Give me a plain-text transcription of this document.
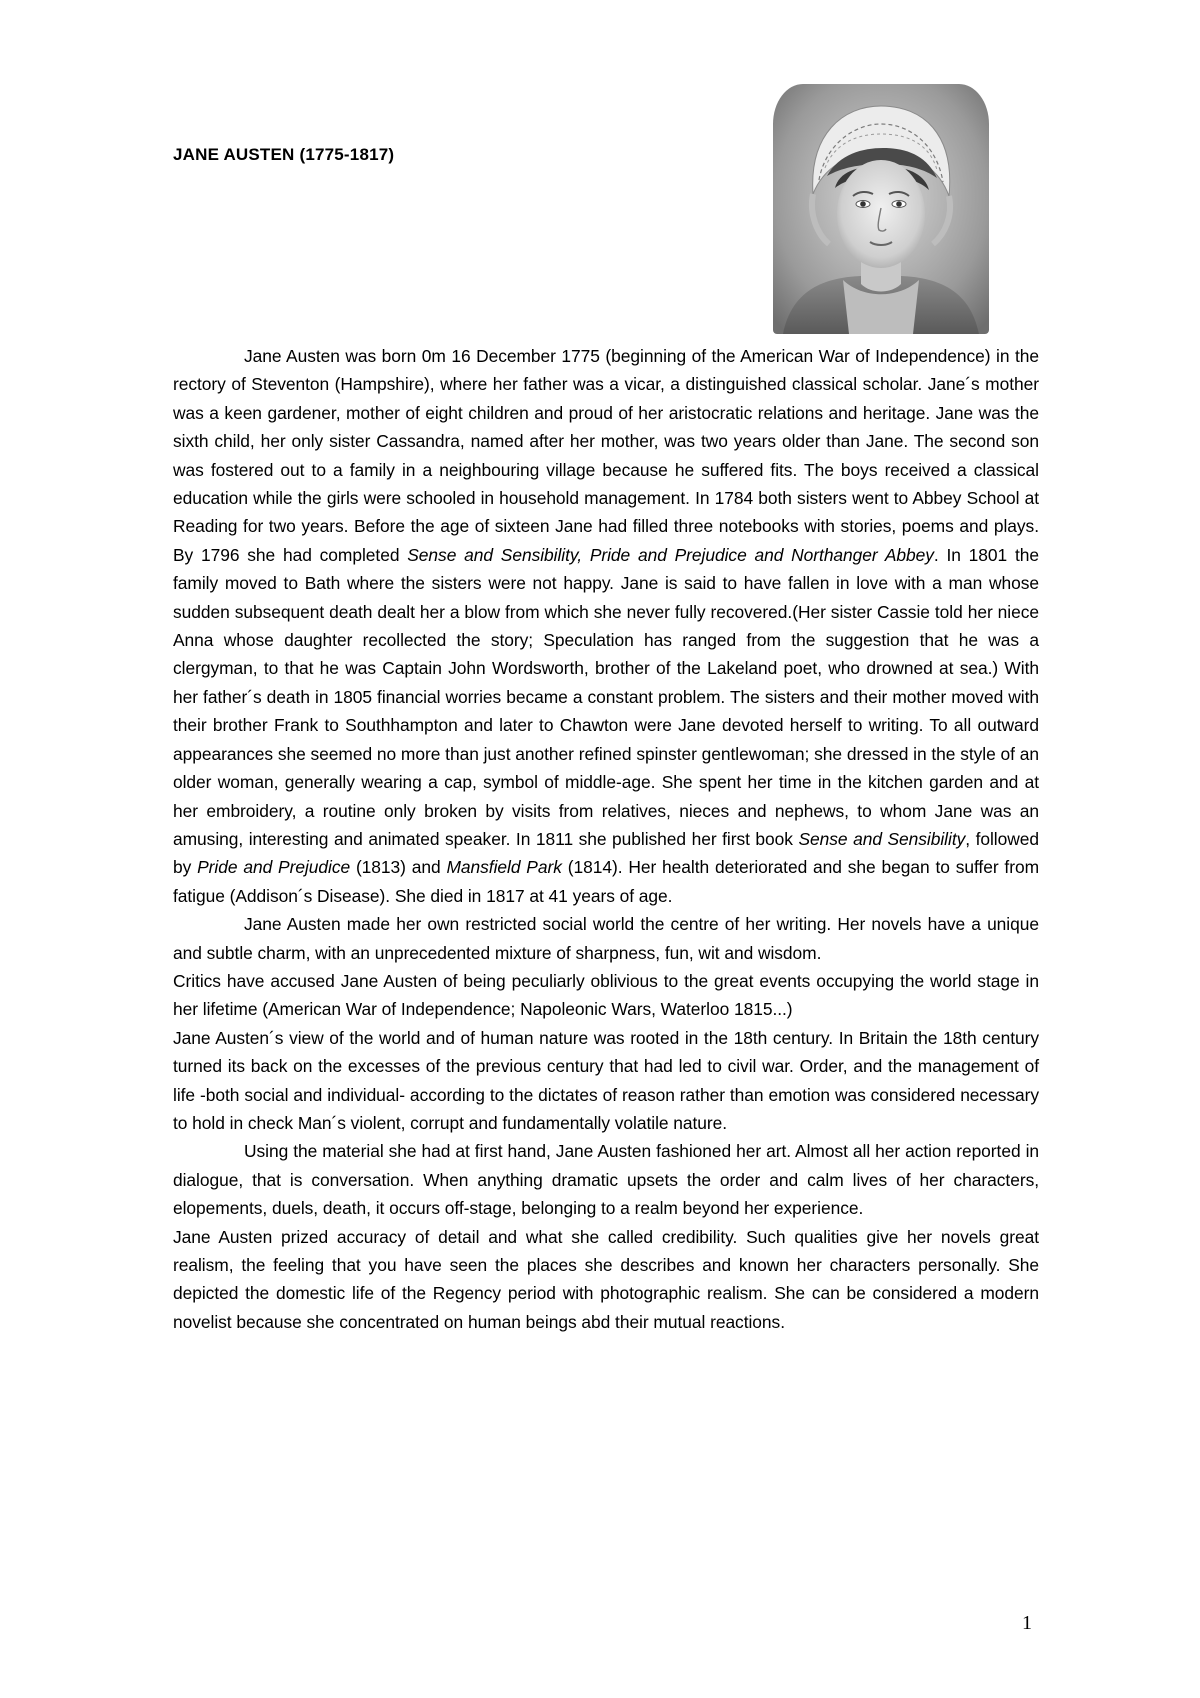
JANE AUSTEN (1775-1817)

Jane Austen was born 0m 16 December 1775 (beginning of the American War of Independence) in the rectory of Steventon (Hampshire), where her father was a vicar, a distinguished classical scholar. Jane´s mother was a keen gardener, mother of eight children and proud of her aristocratic relations and heritage. Jane was the sixth child, her only sister Cassandra, named after her mother, was two years older than Jane. The second son was fostered out to a family in a neighbouring village because he suffered fits. The boys received a classical education while the girls were schooled in household management. In 1784 both sisters went to Abbey School at Reading for two years. Before the age of sixteen Jane had filled three notebooks with stories, poems and plays. By 1796 she had completed Sense and Sensibility, Pride and Prejudice and Northanger Abbey. In 1801 the family moved to Bath where the sisters were not happy. Jane is said to have fallen in love with a man whose sudden subsequent death dealt her a blow from which she never fully recovered.(Her sister Cassie told her niece Anna whose daughter recollected the story; Speculation has ranged from the suggestion that he was a clergyman, to that he was Captain John Wordsworth, brother of the Lakeland poet, who drowned at sea.) With her father´s death in 1805 financial worries became a constant problem. The sisters and their mother moved with their brother Frank to Southhampton and later to Chawton were Jane devoted herself to writing. To all outward appearances she seemed no more than just another refined spinster gentlewoman; she dressed in the style of an older woman, generally wearing a cap, symbol of middle-age. She spent her time in the kitchen garden and at her embroidery, a routine only broken by visits from relatives, nieces and nephews, to whom Jane was an amusing, interesting and animated speaker. In 1811 she published her first book Sense and Sensibility, followed by Pride and Prejudice (1813) and Mansfield Park (1814). Her health deteriorated and she began to suffer from fatigue (Addison´s Disease). She died in 1817 at 41 years of age.

Jane Austen made her own restricted social world the centre of her writing. Her novels have a unique and subtle charm, with an unprecedented mixture of sharpness, fun, wit and wisdom.

Critics have accused Jane Austen of being peculiarly oblivious to the great events occupying the world stage in her lifetime (American War of Independence; Napoleonic Wars, Waterloo 1815...)

Jane Austen´s view of the world and of human nature was rooted in the 18th century. In Britain the 18th century turned its back on the excesses of the previous century that had led to civil war. Order, and the management of life -both social and individual- according to the dictates of reason rather than emotion was considered necessary to hold in check Man´s violent, corrupt and fundamentally volatile nature.

Using the material she had at first hand, Jane Austen fashioned her art. Almost all her action reported in dialogue, that is conversation. When anything dramatic upsets the order and calm lives of her characters, elopements, duels, death, it occurs off-stage, belonging to a realm beyond her experience.

Jane Austen prized accuracy of detail and what she called credibility. Such qualities give her novels great realism, the feeling that you have seen the places she describes and known her characters personally. She depicted the domestic life of the Regency period with photographic realism. She can be considered a modern novelist because she concentrated on human beings abd their mutual reactions.

1
